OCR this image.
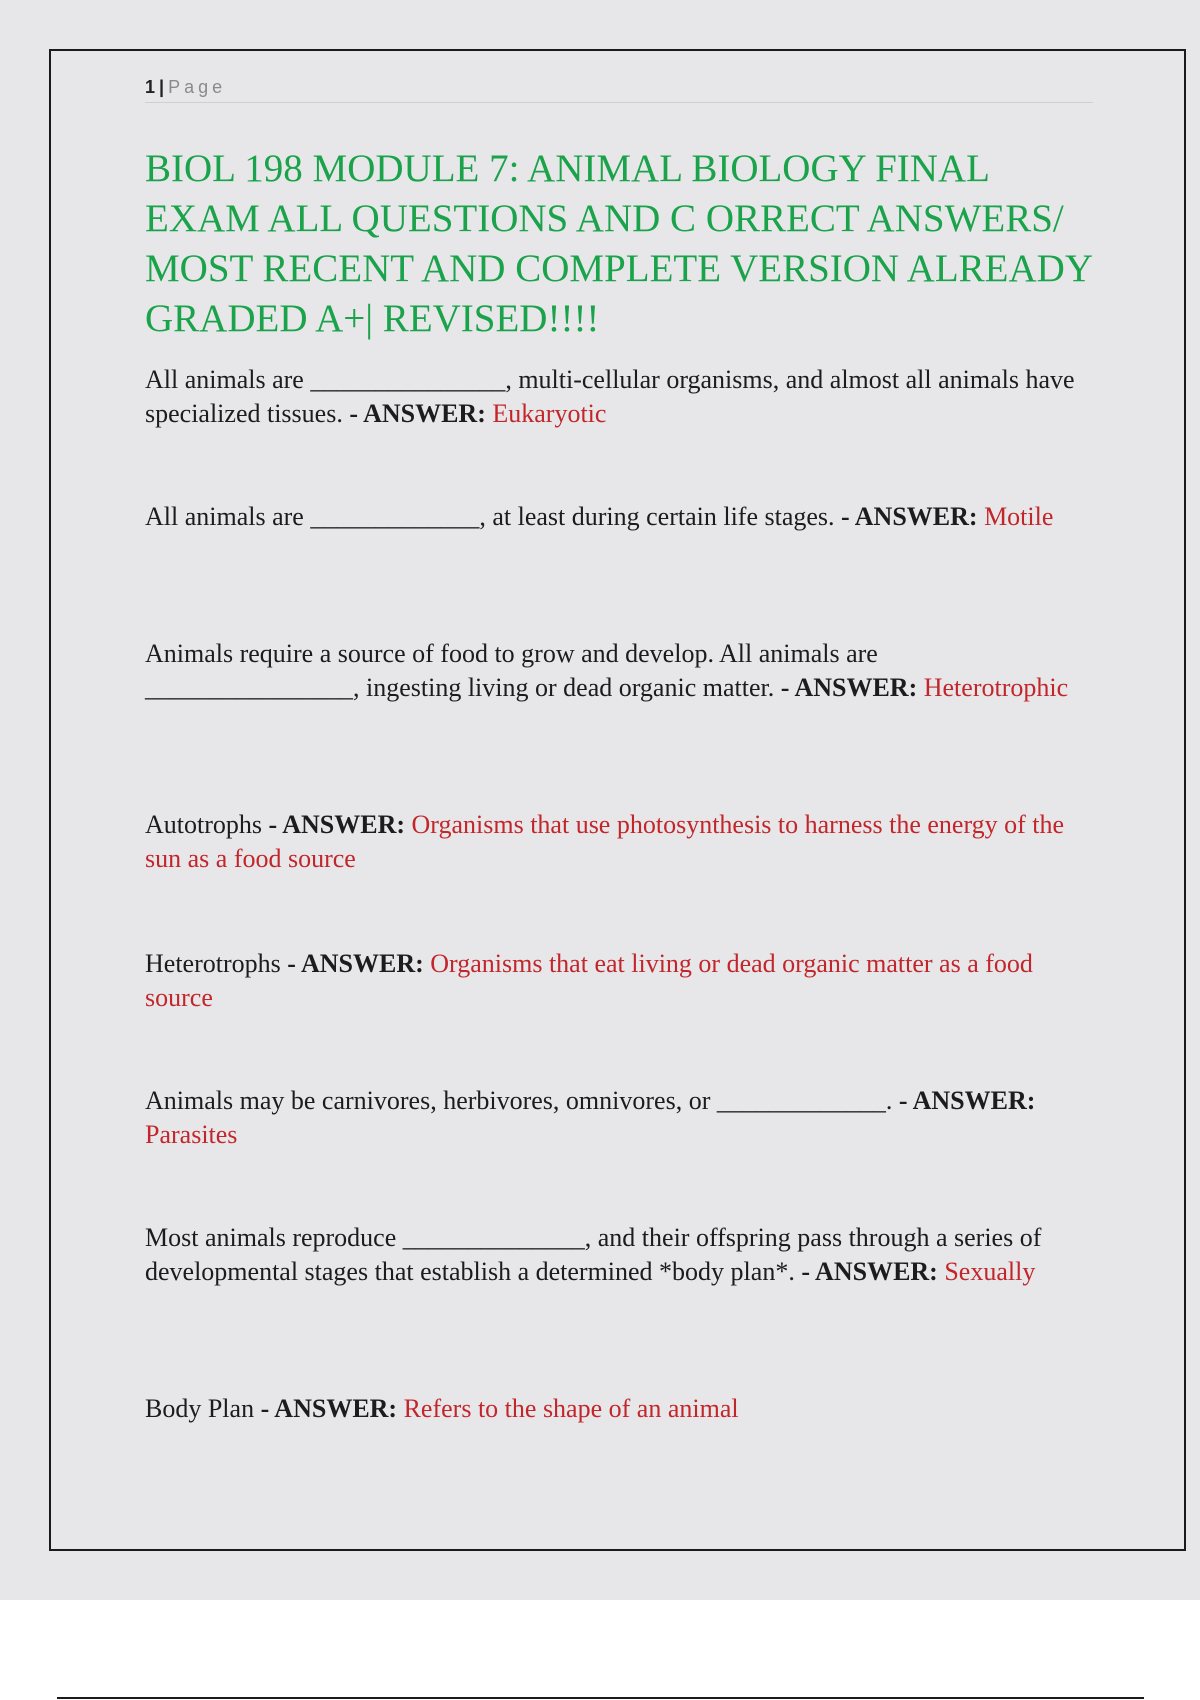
1 | Page
BIOL 198 MODULE 7: ANIMAL BIOLOGY FINAL EXAM ALL QUESTIONS AND C ORRECT ANSWERS/ MOST RECENT AND COMPLETE VERSION ALREADY GRADED A+| REVISED!!!!

All animals are _______________, multi-cellular organisms, and almost all animals have specialized tissues. - ANSWER: Eukaryotic

All animals are _____________, at least during certain life stages. - ANSWER: Motile

Animals require a source of food to grow and develop. All animals are ________________, ingesting living or dead organic matter. - ANSWER: Heterotrophic

Autotrophs - ANSWER: Organisms that use photosynthesis to harness the energy of the sun as a food source

Heterotrophs - ANSWER: Organisms that eat living or dead organic matter as a food source

Animals may be carnivores, herbivores, omnivores, or _____________. - ANSWER: Parasites

Most animals reproduce ______________, and their offspring pass through a series of developmental stages that establish a determined *body plan*. - ANSWER: Sexually

Body Plan - ANSWER: Refers to the shape of an animal
